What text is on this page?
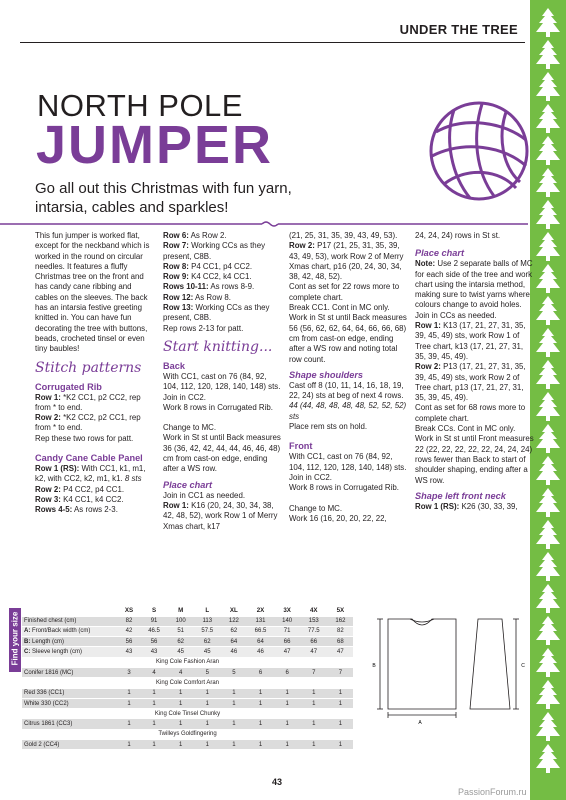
UNDER THE TREE
NORTH POLE
JUMPER
Go all out this Christmas with fun yarn, intarsia, cables and sparkles!

This fun jumper is worked flat, except for the neckband which is worked in the round on circular needles. It features a fluffy Christmas tree on the front and has candy cane ribbing and cables on the sleeves. The back has an intarsia festive greeting knitted in. You can have fun decorating the tree with buttons, beads, crocheted tinsel or even tiny baubles!

Stitch patterns
Corrugated Rib

Row 1: *K2 CC1, p2 CC2, rep from * to end.

Row 2: *K2 CC2, p2 CC1, rep from * to end.

Rep these two rows for patt.

Candy Cane Cable Panel

Row 1 (RS): With CC1, k1, m1, k2, with CC2, k2, m1, k1. 8 sts

Row 2: P4 CC2, p4 CC1.

Row 3: K4 CC1, k4 CC2.

Rows 4-5: As rows 2-3.

Row 6: As Row 2.

Row 7: Working CCs as they present, C8B.

Row 8: P4 CC1, p4 CC2.

Row 9: K4 CC2, k4 CC1.

Rows 10-11: As rows 8-9.

Row 12: As Row 8.

Row 13: Working CCs as they present, C8B.

Rep rows 2-13 for patt.

Start knitting...
Back

With CC1, cast on 76 (84, 92, 104, 112, 120, 128, 140, 148) sts.

Join in CC2.

Work 8 rows in Corrugated Rib.

Change to MC.

Work in St st until Back measures 36 (36, 42, 42, 44, 44, 46, 46, 48) cm from cast-on edge, ending after a WS row.

Place chart

Join in CC1 as needed.

Row 1: K16 (20, 24, 30, 34, 38, 42, 48, 52), work Row 1 of Merry Xmas chart, k17

(21, 25, 31, 35, 39, 43, 49, 53).

Row 2: P17 (21, 25, 31, 35, 39, 43, 49, 53), work Row 2 of Merry Xmas chart, p16 (20, 24, 30, 34, 38, 42, 48, 52).

Cont as set for 22 rows more to complete chart.

Break CC1. Cont in MC only.

Work in St st until Back measures 56 (56, 62, 62, 64, 64, 66, 66, 68) cm from cast-on edge, ending after a WS row and noting total row count.

Shape shoulders

Cast off 8 (10, 11, 14, 16, 18, 19, 22, 24) sts at beg of next 4 rows. 44 (44, 48, 48, 48, 48, 52, 52, 52) sts

Place rem sts on hold.

Front

With CC1, cast on 76 (84, 92, 104, 112, 120, 128, 140, 148) sts.

Join in CC2.

Work 8 rows in Corrugated Rib.

Change to MC.

Work 16 (16, 20, 20, 22, 22,

24, 24, 24) rows in St st.

Place chart

Note: Use 2 separate balls of MC for each side of the tree and work chart using the intarsia method, making sure to twist yarns where colours change to avoid holes.

Join in CCs as needed.

Row 1: K13 (17, 21, 27, 31, 35, 39, 45, 49) sts, work Row 1 of Tree chart, k13 (17, 21, 27, 31, 35, 39, 45, 49).

Row 2: P13 (17, 21, 27, 31, 35, 39, 45, 49) sts, work Row 2 of Tree chart, p13 (17, 21, 27, 31, 35, 39, 45, 49).

Cont as set for 68 rows more to complete chart.

Break CCs. Cont in MC only.

Work in St st until Front measures 22 (22, 22, 22, 22, 22, 24, 24, 24) rows fewer than Back to start of shoulder shaping, ending after a WS row.

Shape left front neck

Row 1 (RS): K26 (30, 33, 39,

Find your size
	XS	S	M	L	XL	2X	3X	4X	5X
Finished chest (cm)	82	91	100	113	122	131	140	153	162
A: Front/Back width (cm)	42	46.5	51	57.5	62	66.5	71	77.5	82
B: Length (cm)	56	56	62	62	64	64	66	66	68
C: Sleeve length (cm)	43	43	45	45	46	46	47	47	47
King Cole Fashion Aran									
Conifer 1816 (MC)	3	4	4	5	5	6	6	7	7
King Cole Comfort Aran									
Red 336 (CC1)	1	1	1	1	1	1	1	1	1
White 330 (CC2)	1	1	1	1	1	1	1	1	1
King Cole Tinsel Chunky									
Citrus 1861 (CC3)	1	1	1	1	1	1	1	1	1
Twilleys Goldfingering									
Gold 2 (CC4)	1	1	1	1	1	1	1	1	1
A
B	C
43
PassionForum.ru
